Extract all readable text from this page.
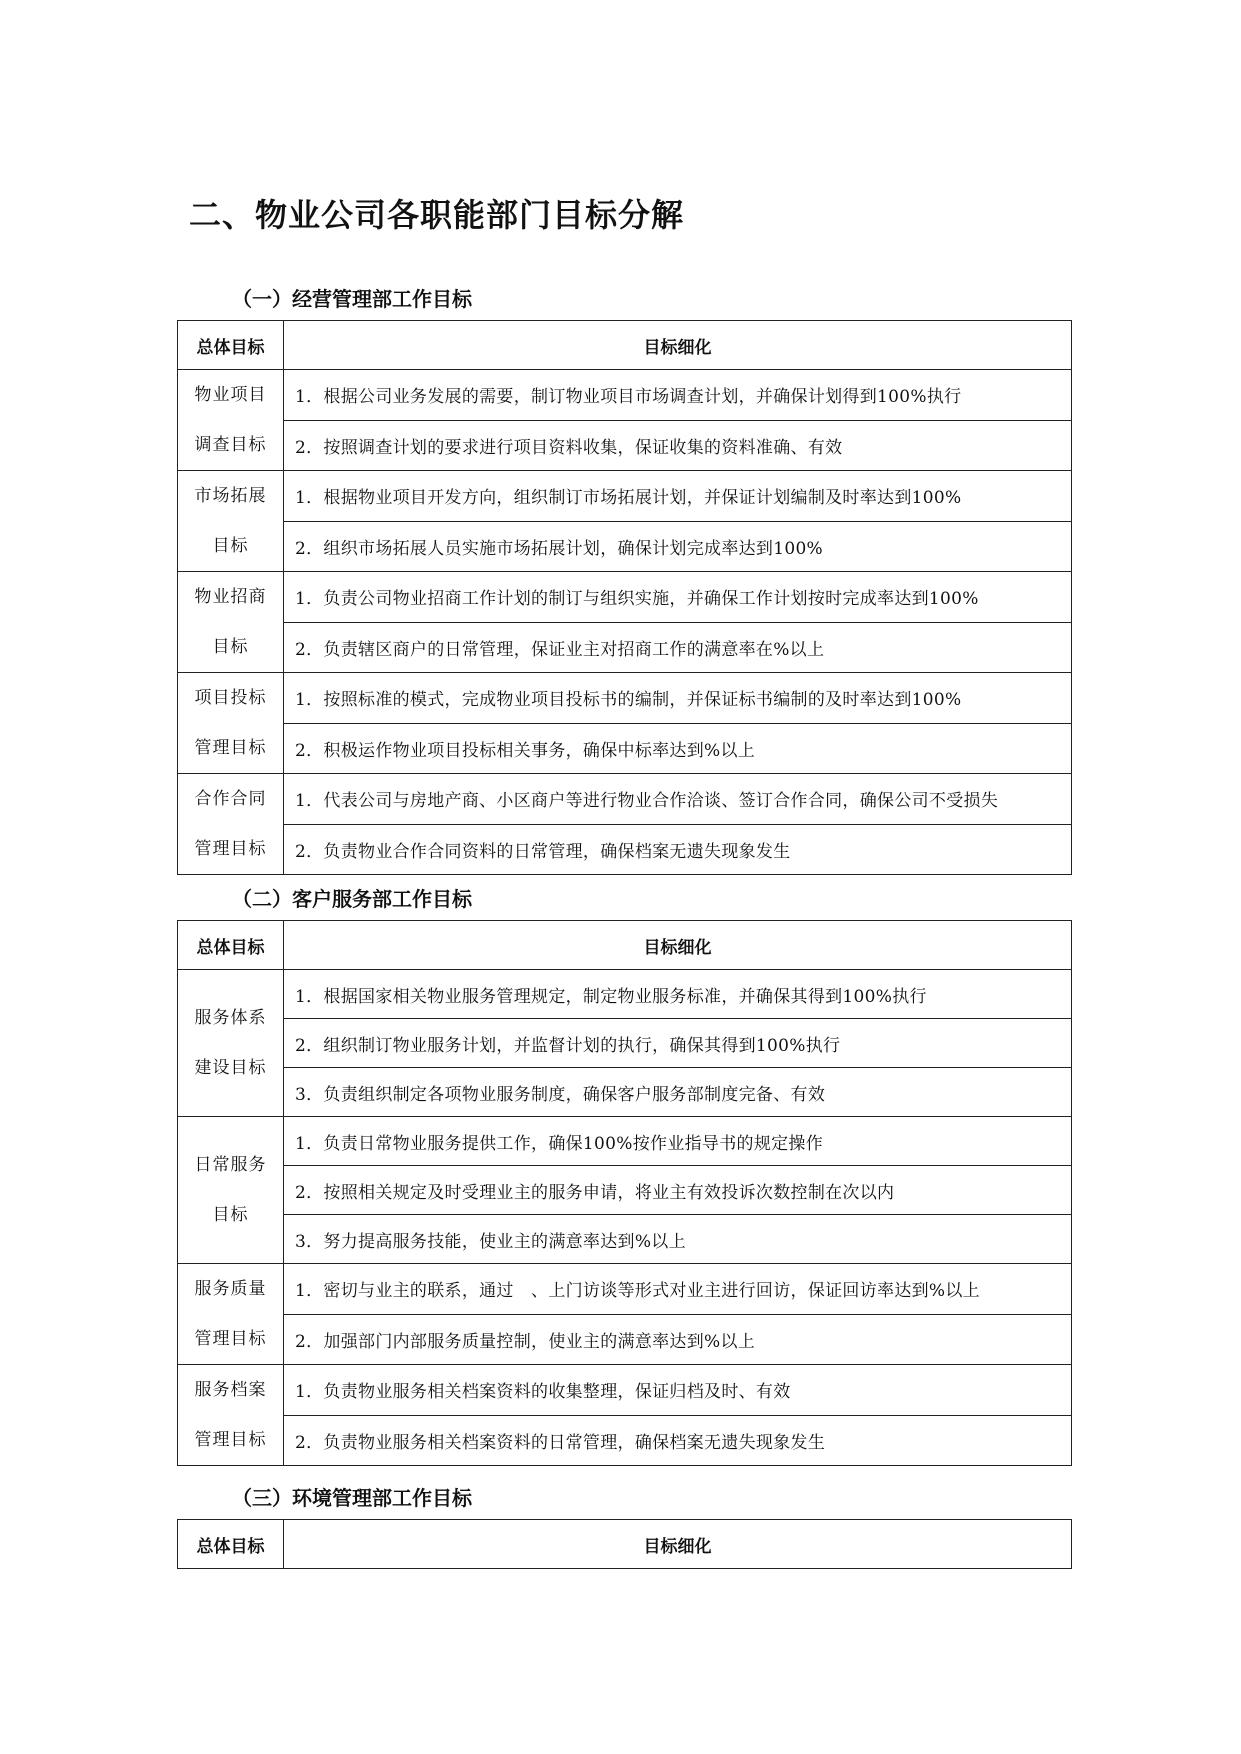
二、物业公司各职能部门目标分解
（一）经营管理部工作目标
总体目标	目标细化
物业项目调查目标	1．根据公司业务发展的需要，制订物业项目市场调查计划，并确保计划得到100%执行
	2．按照调查计划的要求进行项目资料收集，保证收集的资料准确、有效
市场拓展目标	1．根据物业项目开发方向，组织制订市场拓展计划，并保证计划编制及时率达到100%
	2．组织市场拓展人员实施市场拓展计划，确保计划完成率达到100%
物业招商目标	1．负责公司物业招商工作计划的制订与组织实施，并确保工作计划按时完成率达到100%
	2．负责辖区商户的日常管理，保证业主对招商工作的满意率在%以上
项目投标管理目标	1．按照标准的模式，完成物业项目投标书的编制，并保证标书编制的及时率达到100%
	2．积极运作物业项目投标相关事务，确保中标率达到%以上
合作合同管理目标	1．代表公司与房地产商、小区商户等进行物业合作洽谈、签订合作合同，确保公司不受损失
	2．负责物业合作合同资料的日常管理，确保档案无遗失现象发生
（二）客户服务部工作目标
总体目标	目标细化
服务体系建设目标	1．根据国家相关物业服务管理规定，制定物业服务标准，并确保其得到100%执行
	2．组织制订物业服务计划，并监督计划的执行，确保其得到100%执行
	3．负责组织制定各项物业服务制度，确保客户服务部制度完备、有效
日常服务目标	1．负责日常物业服务提供工作，确保100%按作业指导书的规定操作
	2．按照相关规定及时受理业主的服务申请，将业主有效投诉次数控制在次以内
	3．努力提高服务技能，使业主的满意率达到%以上
服务质量管理目标	1．密切与业主的联系，通过　、上门访谈等形式对业主进行回访，保证回访率达到%以上
	2．加强部门内部服务质量控制，使业主的满意率达到%以上
服务档案管理目标	1．负责物业服务相关档案资料的收集整理，保证归档及时、有效
	2．负责物业服务相关档案资料的日常管理，确保档案无遗失现象发生
（三）环境管理部工作目标
总体目标	目标细化
